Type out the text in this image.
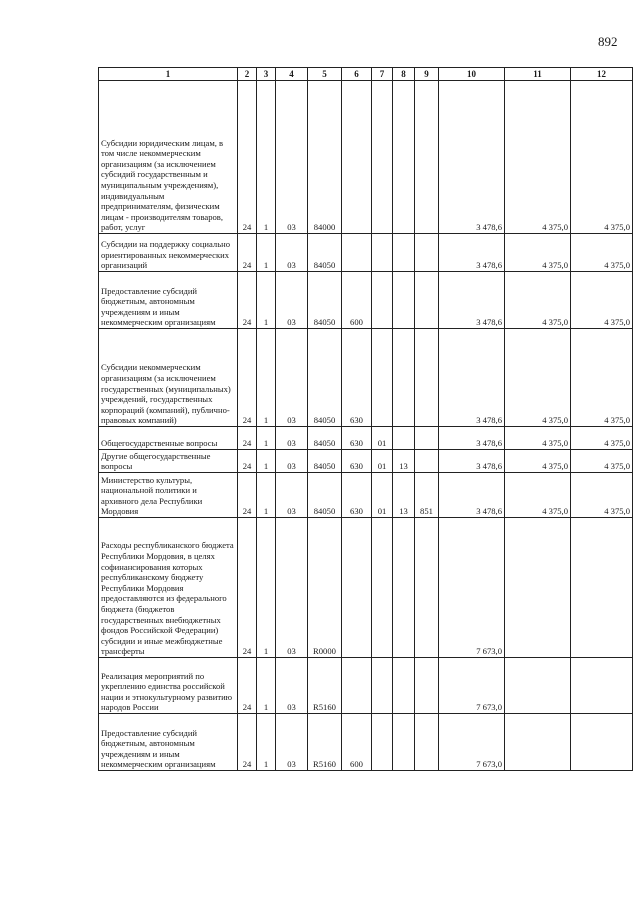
892
1	2	3	4	5	6	7	8	9	10	11	12
Субсидии юридическим лицам, в том числе некоммерческим организациям (за исключением субсидий государственным и муниципальным учреждениям), индивидуальным предпринимателям, физическим лицам - производителям товаров, работ, услуг	24	1	03	84000					3 478,6	4 375,0	4 375,0
Субсидии на поддержку социально ориентированных некоммерческих организаций	24	1	03	84050					3 478,6	4 375,0	4 375,0
Предоставление субсидий бюджетным, автономным учреждениям и иным некоммерческим организациям	24	1	03	84050	600				3 478,6	4 375,0	4 375,0
Субсидии некоммерческим организациям (за исключением государственных (муниципальных) учреждений, государственных корпораций (компаний), публично-правовых компаний)	24	1	03	84050	630				3 478,6	4 375,0	4 375,0
Общегосударственные вопросы	24	1	03	84050	630	01			3 478,6	4 375,0	4 375,0
Другие общегосударственные вопросы	24	1	03	84050	630	01	13		3 478,6	4 375,0	4 375,0
Министерство культуры, национальной политики и архивного дела Республики Мордовия	24	1	03	84050	630	01	13	851	3 478,6	4 375,0	4 375,0
Расходы республиканского бюджета Республики Мордовия, в целях софинансирования которых республиканскому бюджету Республики Мордовия предоставляются из федерального бюджета (бюджетов государственных внебюджетных фондов Российской Федерации) субсидии и иные межбюджетные трансферты	24	1	03	R0000					7 673,0		
Реализация мероприятий по укреплению единства российской нации и этнокультурному развитию народов России	24	1	03	R5160					7 673,0		
Предоставление субсидий бюджетным, автономным учреждениям и иным некоммерческим организациям	24	1	03	R5160	600				7 673,0		
